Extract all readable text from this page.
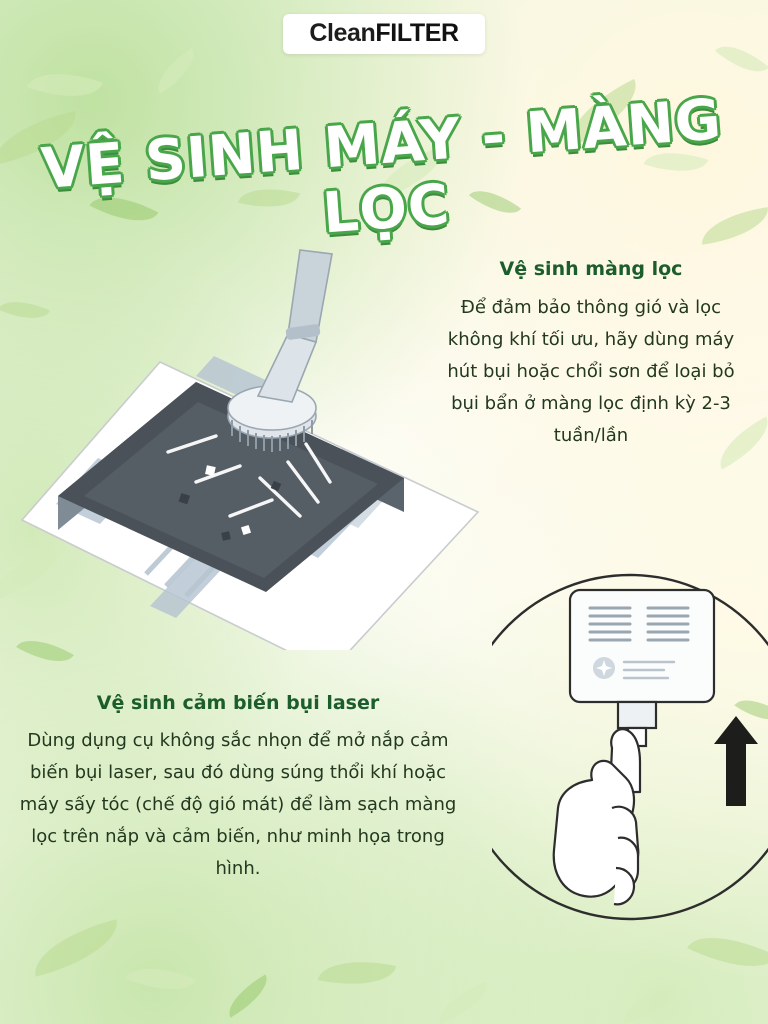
CleanFILTER
VỆ SINH MÁY - MÀNG LỌC
Vệ sinh màng lọc
Để đảm bảo thông gió và lọc không khí tối ưu, hãy dùng máy hút bụi hoặc chổi sơn để loại bỏ bụi bẩn ở màng lọc định kỳ 2-3 tuần/lần
Vệ sinh cảm biến bụi laser
Dùng dụng cụ không sắc nhọn để mở nắp cảm biến bụi laser, sau đó dùng súng thổi khí hoặc máy sấy tóc (chế độ gió mát) để làm sạch màng lọc trên nắp và cảm biến, như minh họa trong hình.
